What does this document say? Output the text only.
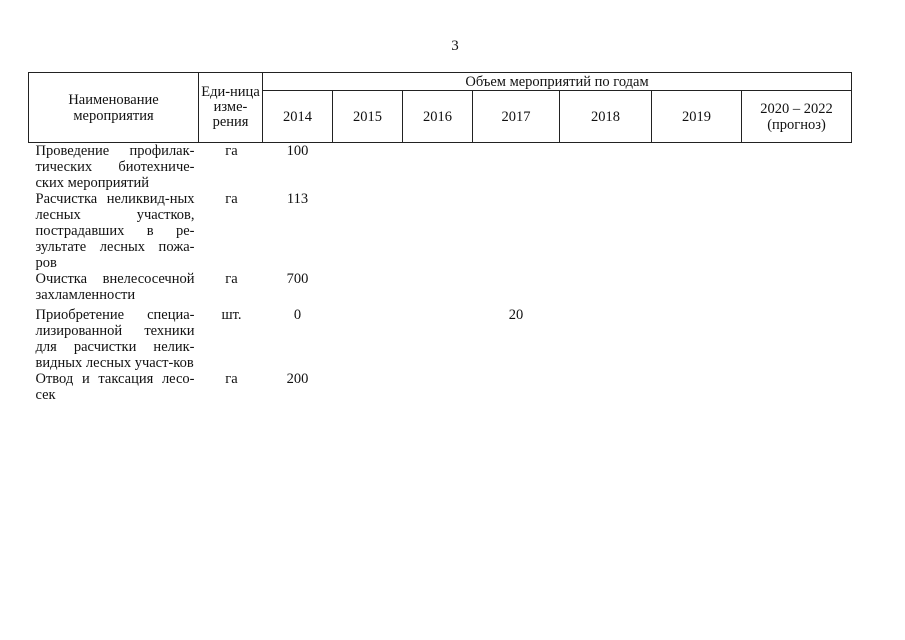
3
Наименование мероприятия	Еди-ница изме-рения	Объем мероприятий по годам						
		2014	2015	2016	2017	2018	2019	2020 – 2022 (прогноз)
Проведение профилак-тических биотехниче-ских мероприятий	га	100						
Расчистка неликвид-ных лесных участков, пострадавших в ре-зультате лесных пожа-ров	га	113						
Очистка внелесосечной захламленности	га	700						
Приобретение специа-лизированной техники для расчистки нелик-видных лесных участ-ков	шт.	0			20			
Отвод и таксация лесо-сек	га	200						
